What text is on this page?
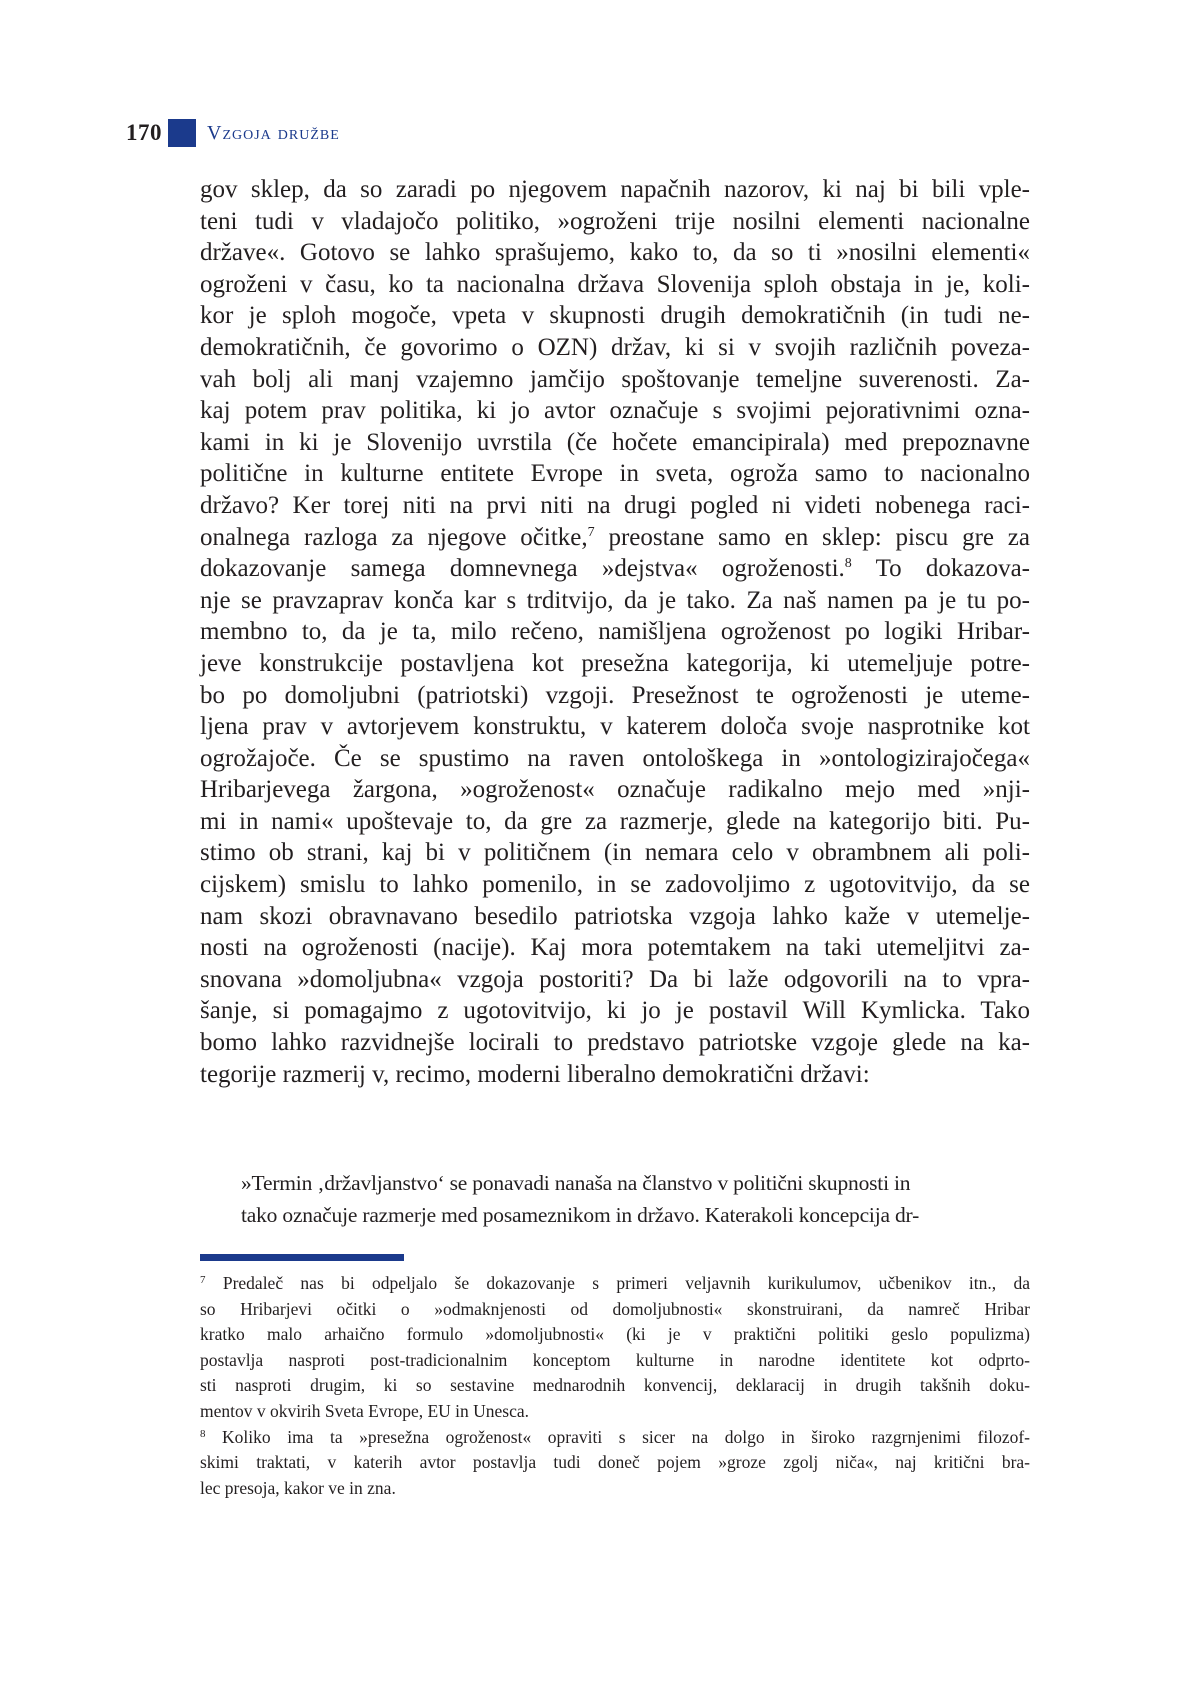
170 Vzgoja družbe
gov sklep, da so zaradi po njegovem napačnih nazorov, ki naj bi bili vple-
teni tudi v vladajočo politiko, »ogroženi trije nosilni elementi nacionalne
države«. Gotovo se lahko sprašujemo, kako to, da so ti »nosilni elementi«
ogroženi v času, ko ta nacionalna država Slovenija sploh obstaja in je, koli-
kor je sploh mogoče, vpeta v skupnosti drugih demokratičnih (in tudi ne-
demokratičnih, če govorimo o OZN) držav, ki si v svojih različnih poveza-
vah bolj ali manj vzajemno jamčijo spoštovanje temeljne suverenosti. Za-
kaj potem prav politika, ki jo avtor označuje s svojimi pejorativnimi ozna-
kami in ki je Slovenijo uvrstila (če hočete emancipirala) med prepoznavne
politične in kulturne entitete Evrope in sveta, ogroža samo to nacionalno
državo? Ker torej niti na prvi niti na drugi pogled ni videti nobenega raci-
onalnega razloga za njegove očitke,$^7$ preostane samo en sklep: piscu gre za
dokazovanje samega domnevnega »dejstva« ogroženosti.$^8$ To dokazova-
nje se pravzaprav konča kar s trditvijo, da je tako. Za naš namen pa je tu po-
membno to, da je ta, milo rečeno, namišljena ogroženost po logiki Hribar-
jeve konstrukcije postavljena kot presežna kategorija, ki utemeljuje potre-
bo po domoljubni (patriotski) vzgoji. Presežnost te ogroženosti je uteme-
ljena prav v avtorjevem konstruktu, v katerem določa svoje nasprotnike kot
ogrožajoče. Če se spustimo na raven ontološkega in »ontologizirajočega«
Hribarjevega žargona, »ogroženost« označuje radikalno mejo med »nji-
mi in nami« upoštevaje to, da gre za razmerje, glede na kategorijo biti. Pu-
stimo ob strani, kaj bi v političnem (in nemara celo v obrambnem ali poli-
cijskem) smislu to lahko pomenilo, in se zadovoljimo z ugotovitvijo, da se
nam skozi obravnavano besedilo patriotska vzgoja lahko kaže v utemelje-
nosti na ogroženosti (nacije). Kaj mora potemtakem na taki utemeljitvi za-
snovana »domoljubna« vzgoja postoriti? Da bi laže odgovorili na to vpra-
šanje, si pomagajmo z ugotovitvijo, ki jo je postavil Will Kymlicka. Tako
bomo lahko razvidnejše locirali to predstavo patriotske vzgoje glede na ka-
tegorije razmerij v, recimo, moderni liberalno demokratični državi:
»Termin ‚državljanstvo‘ se ponavadi nanaša na članstvo v politični skupnosti in
tako označuje razmerje med posameznikom in državo. Katerakoli koncepcija dr-
$^7$ Predaleč nas bi odpeljalo še dokazovanje s primeri veljavnih kurikulumov, učbenikov itn., da
so Hribarjevi očitki o »odmaknjenosti od domoljubnosti« skonstruirani, da namreč Hribar
kratko malo arhaično formulo »domoljubnosti« (ki je v praktični politiki geslo populizma)
postavlja nasproti post-tradicionalnim konceptom kulturne in narodne identitete kot odprto-
sti nasproti drugim, ki so sestavine mednarodnih konvencij, deklaracij in drugih takšnih doku-
mentov v okvirih Sveta Evrope, EU in Unesca.
$^8$ Koliko ima ta »presežna ogroženost« opraviti s sicer na dolgo in široko razgrnjenimi filozof-
skimi traktati, v katerih avtor postavlja tudi doneč pojem »groze zgolj niča«, naj kritični bra-
lec presoja, kakor ve in zna.
